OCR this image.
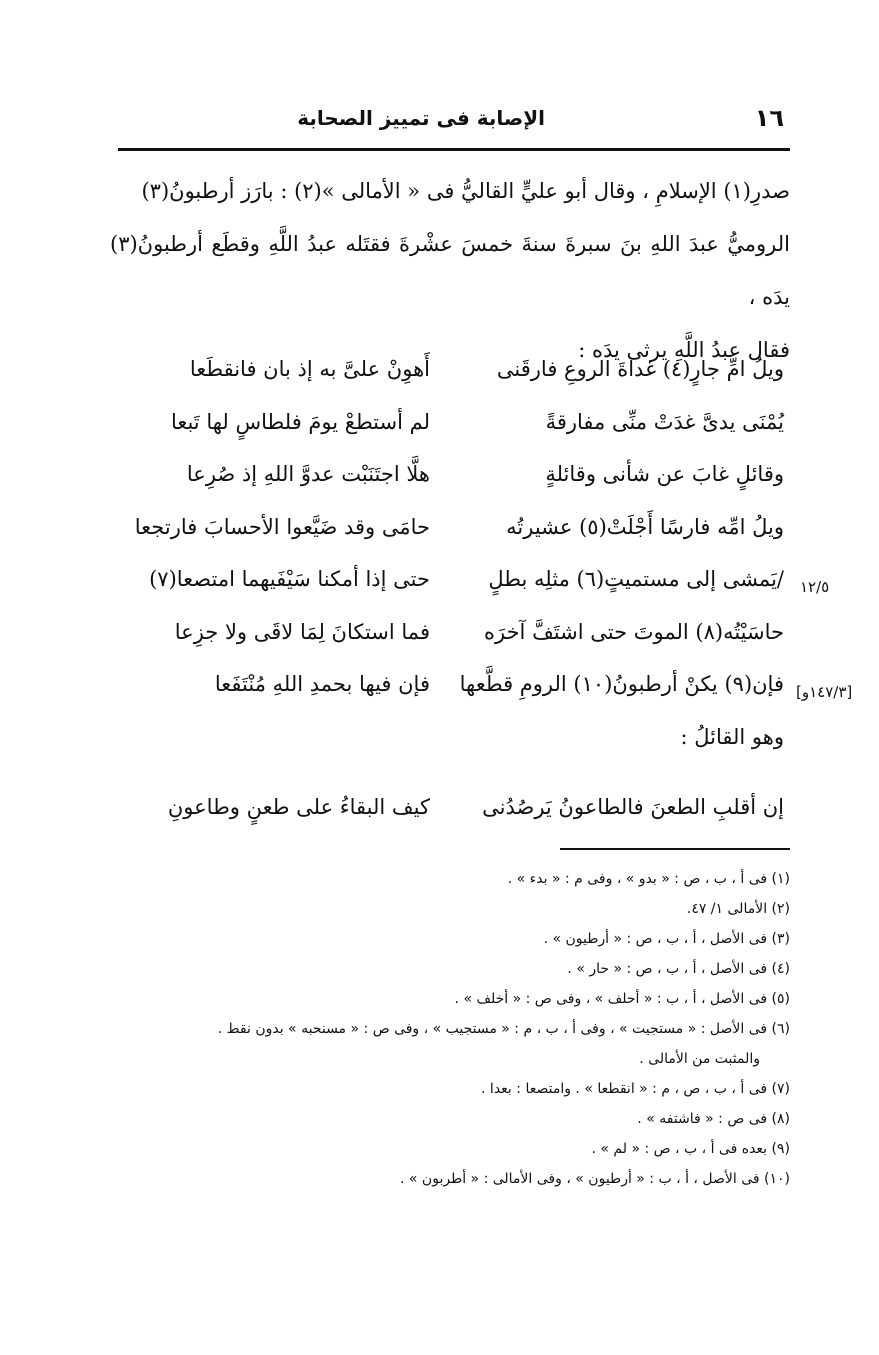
١٦
الإصابة فى تمييز الصحابة

صدرِ(١) الإسلامِ ، وقال أبو عليٍّ القاليُّ فى « الأمالى »(٢) : بارَز أرطبونُ(٣)

الروميُّ عبدَ اللهِ بنَ سبرةَ سنةَ خمسَ عشْرةَ فقتَله عبدُ اللَّهِ وقطَع أرطبونُ(٣) يدَه ،

فقال عبدُ اللَّهِ يرثى يدَه :

ويلُ امِّ جارٍ(٤) غداةَ الروعِ فارقَنى
أَهوِنْ علىَّ به إذ بان فانقطَعا
يُمْنَى يدىَّ غدَتْ منِّى مفارقةً
لم أستطعْ يومَ فلطاسٍ لها تَبعا
وقائلٍ غابَ عن شأنى وقائلةٍ
هلَّا اجتَنَبْت عدوَّ اللهِ إذ صُرِعا
ويلُ امِّه فارسًا أَجْلَتْ(٥) عشيرتُه
حامَى وقد ضَيَّعوا الأحسابَ فارتجعا
/يَمشى إلى مستميتٍ(٦) مثلِه بطلٍ
حتى إذا أمكنا سَيْفَيهما امتصعا(٧)
حاسَيْتُه(٨) الموتَ حتى اشتَفَّ آخرَه
فما استكانَ لِمَا لاقَى ولا جزِعا
فإن(٩) يكنْ أرطبونُ(١٠) الرومِ قطَّعها
فإن فيها بحمدِ اللهِ مُنْتَفَعا
وهو القائلُ :
إن أقلبِ الطعنَ فالطاعونُ يَرصُدُنى
كيف البقاءُ على طعنٍ وطاعونِ
١٢/٥
[١٤٧/٣و]

(١) فى أ ، ب ، ص : « بدو » ، وفى م : « بدء » .

(٢) الأمالى ١/ ٤٧.

(٣) فى الأصل ، أ ، ب ، ص : « أرطيون » .

(٤) فى الأصل ، أ ، ب ، ص : « حار » .

(٥) فى الأصل ، أ ، ب : « أحلف » ، وفى ص : « أخلف » .

(٦) فى الأصل : « مستجيت » ، وفى أ ، ب ، م : « مستجيب » ، وفى ص : « مسنحبه » بدون نقط .

والمثبت من الأمالى .

(٧) فى أ ، ب ، ص ، م : « انقطعا » . وامتصعا : بعدا .

(٨) فى ص : « فاشتفه » .

(٩) بعده فى أ ، ب ، ص : « لم » .

(١٠) فى الأصل ، أ ، ب : « أرطيون » ، وفى الأمالى : « أطربون » .
